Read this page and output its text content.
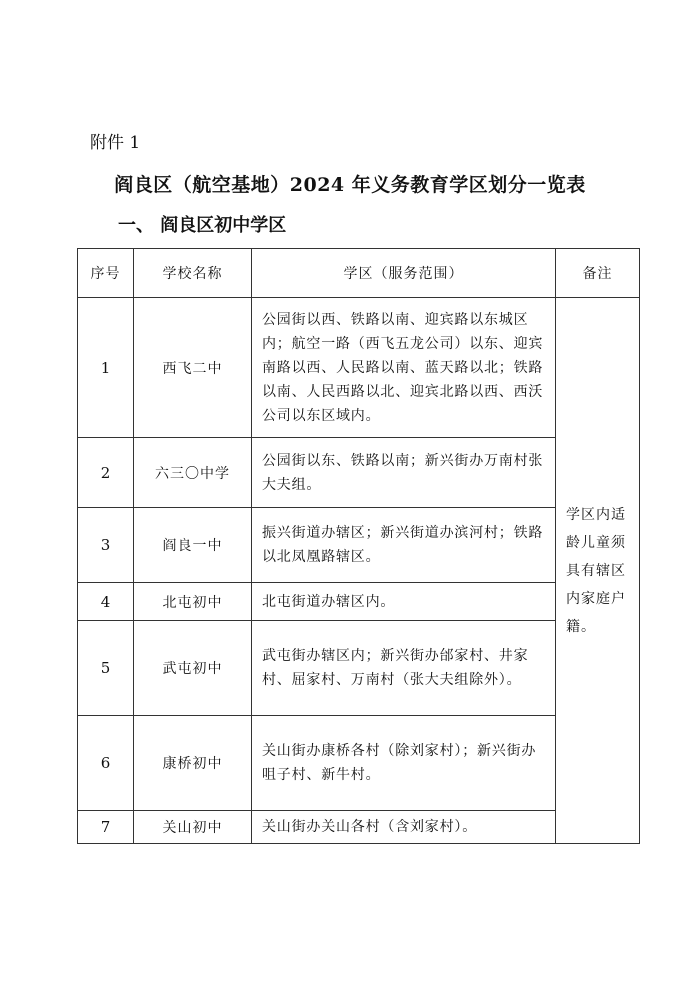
附件 1
阎良区（航空基地）2024 年义务教育学区划分一览表
一、 阎良区初中学区
序号	学校名称	学区（服务范围）	备注
1	西飞二中	公园街以西、铁路以南、迎宾路以东城区内；航空一路（西飞五龙公司）以东、迎宾南路以西、人民路以南、蓝天路以北；铁路以南、人民西路以北、迎宾北路以西、西沃公司以东区域内。	学区内适龄儿童须具有辖区内家庭户籍。
2	六三〇中学	公园街以东、铁路以南；新兴街办万南村张大夫组。	
3	阎良一中	振兴街道办辖区；新兴街道办滨河村；铁路以北凤凰路辖区。	
4	北屯初中	北屯街道办辖区内。	
5	武屯初中	武屯街办辖区内；新兴街办邰家村、井家村、屈家村、万南村（张大夫组除外）。	
6	康桥初中	关山街办康桥各村（除刘家村）；新兴街办咀子村、新牛村。	
7	关山初中	关山街办关山各村（含刘家村）。	
